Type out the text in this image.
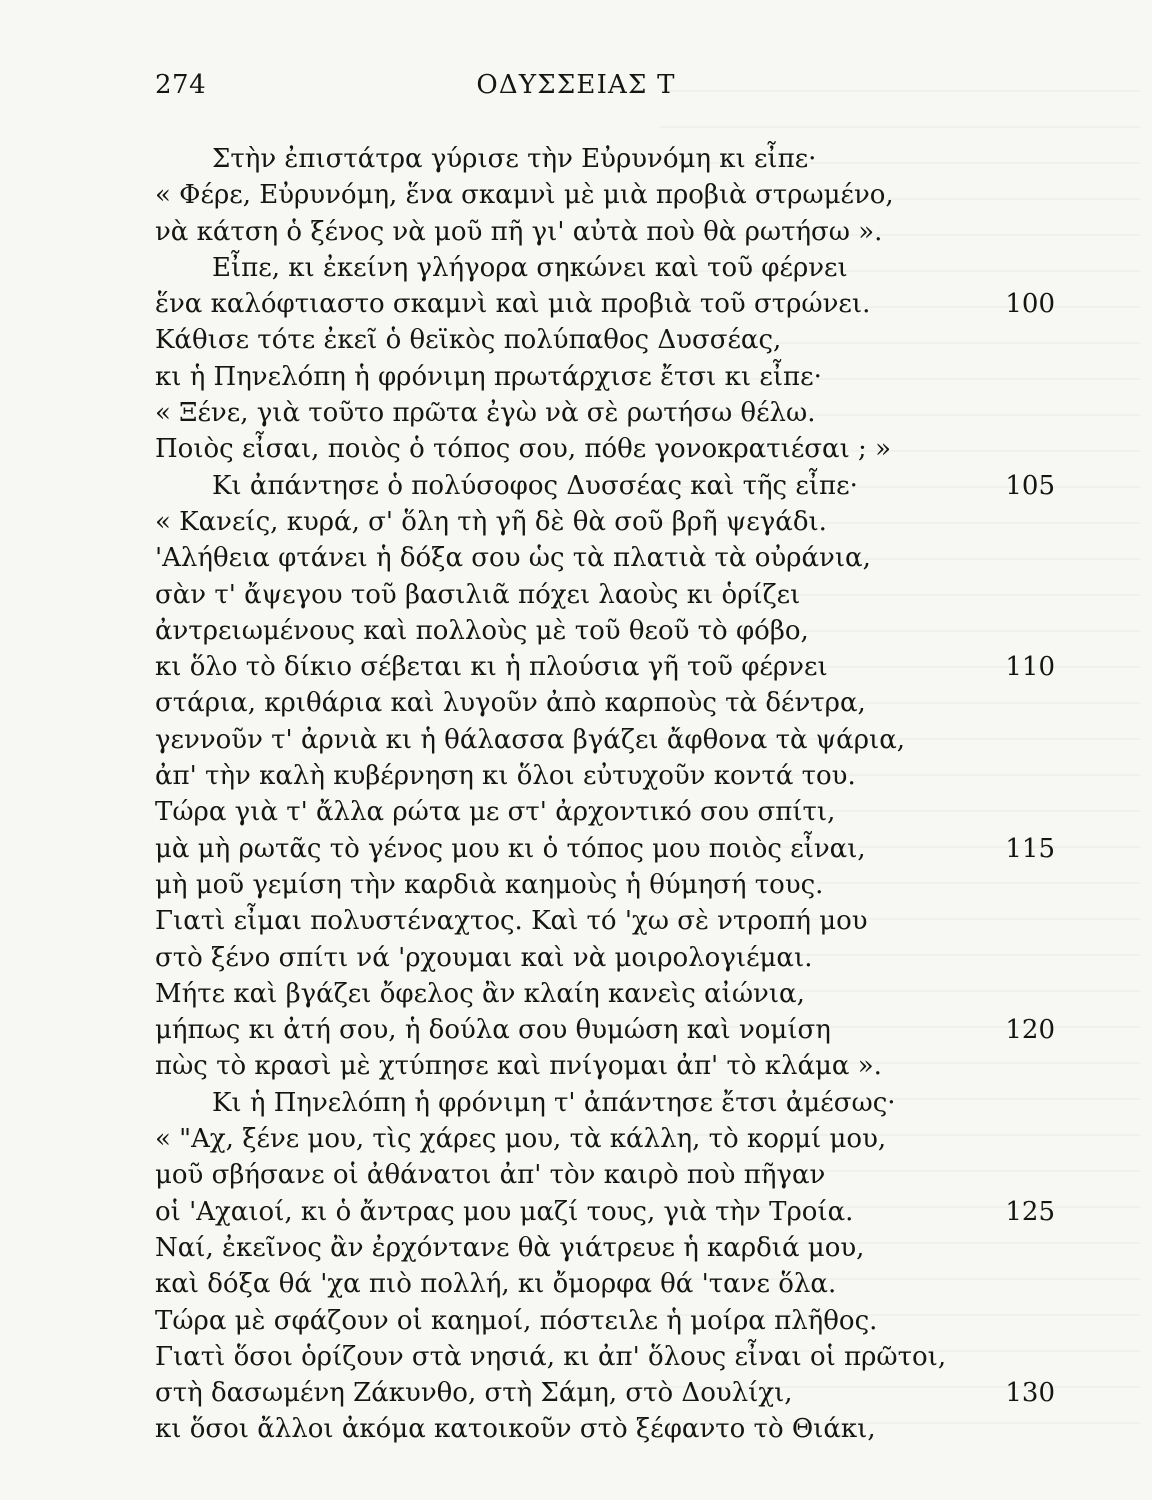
274	ΟΔΥΣΣΕΙΑΣ Τ
Στὴν ἐπιστάτρα γύρισε τὴν Εὐρυνόμη κι εἶπε·
« Φέρε, Εὐρυνόμη, ἕνα σκαμνὶ μὲ μιὰ προβιὰ στρωμένο,
νὰ κάτση ὁ ξένος νὰ μοῦ πῆ γι' αὐτὰ ποὺ θὰ ρωτήσω ».
Εἶπε, κι ἐκείνη γλήγορα σηκώνει καὶ τοῦ φέρνει
ἕνα καλόφτιαστο σκαμνὶ καὶ μιὰ προβιὰ τοῦ στρώνει.	100
Κάθισε τότε ἐκεῖ ὁ θεϊκὸς πολύπαθος Δυσσέας,
κι ἡ Πηνελόπη ἡ φρόνιμη πρωτάρχισε ἔτσι κι εἶπε·
« Ξένε, γιὰ τοῦτο πρῶτα ἐγὼ νὰ σὲ ρωτήσω θέλω.
Ποιὸς εἶσαι, ποιὸς ὁ τόπος σου, πόθε γονοκρατιέσαι ; »
Κι ἀπάντησε ὁ πολύσοφος Δυσσέας καὶ τῆς εἶπε·	105
« Κανείς, κυρά, σ' ὅλη τὴ γῆ δὲ θὰ σοῦ βρῆ ψεγάδι.
'Αλήθεια φτάνει ἡ δόξα σου ὡς τὰ πλατιὰ τὰ οὐράνια,
σὰν τ' ἄψεγου τοῦ βασιλιᾶ πόχει λαοὺς κι ὁρίζει
ἀντρειωμένους καὶ πολλοὺς μὲ τοῦ θεοῦ τὸ φόβο,
κι ὅλο τὸ δίκιο σέβεται κι ἡ πλούσια γῆ τοῦ φέρνει	110
στάρια, κριθάρια καὶ λυγοῦν ἀπὸ καρποὺς τὰ δέντρα,
γεννοῦν τ' ἀρνιὰ κι ἡ θάλασσα βγάζει ἄφθονα τὰ ψάρια,
ἀπ' τὴν καλὴ κυβέρνηση κι ὅλοι εὐτυχοῦν κοντά του.
Τώρα γιὰ τ' ἄλλα ρώτα με στ' ἀρχοντικό σου σπίτι,
μὰ μὴ ρωτᾶς τὸ γένος μου κι ὁ τόπος μου ποιὸς εἶναι,	115
μὴ μοῦ γεμίση τὴν καρδιὰ καημοὺς ἡ θύμησή τους.
Γιατὶ εἶμαι πολυστέναχτος. Καὶ τό 'χω σὲ ντροπή μου
στὸ ξένο σπίτι νά 'ρχουμαι καὶ νὰ μοιρολογιέμαι.
Μήτε καὶ βγάζει ὄφελος ἂν κλαίη κανεὶς αἰώνια,
μήπως κι ἀτή σου, ἡ δούλα σου θυμώση καὶ νομίση	120
πὼς τὸ κρασὶ μὲ χτύπησε καὶ πνίγομαι ἀπ' τὸ κλάμα ».
Κι ἡ Πηνελόπη ἡ φρόνιμη τ' ἀπάντησε ἔτσι ἀμέσως·
« "Αχ, ξένε μου, τὶς χάρες μου, τὰ κάλλη, τὸ κορμί μου,
μοῦ σβήσανε οἱ ἀθάνατοι ἀπ' τὸν καιρὸ ποὺ πῆγαν
οἱ 'Αχαιοί, κι ὁ ἄντρας μου μαζί τους, γιὰ τὴν Τροία.	125
Ναί, ἐκεῖνος ἂν ἐρχόντανε θὰ γιάτρευε ἡ καρδιά μου,
καὶ δόξα θά 'χα πιὸ πολλή, κι ὄμορφα θά 'τανε ὅλα.
Τώρα μὲ σφάζουν οἱ καημοί, πόστειλε ἡ μοίρα πλῆθος.
Γιατὶ ὅσοι ὁρίζουν στὰ νησιά, κι ἀπ' ὅλους εἶναι οἱ πρῶτοι,
στὴ δασωμένη Ζάκυνθο, στὴ Σάμη, στὸ Δουλίχι,	130
κι ὅσοι ἄλλοι ἀκόμα κατοικοῦν στὸ ξέφαντο τὸ Θιάκι,
